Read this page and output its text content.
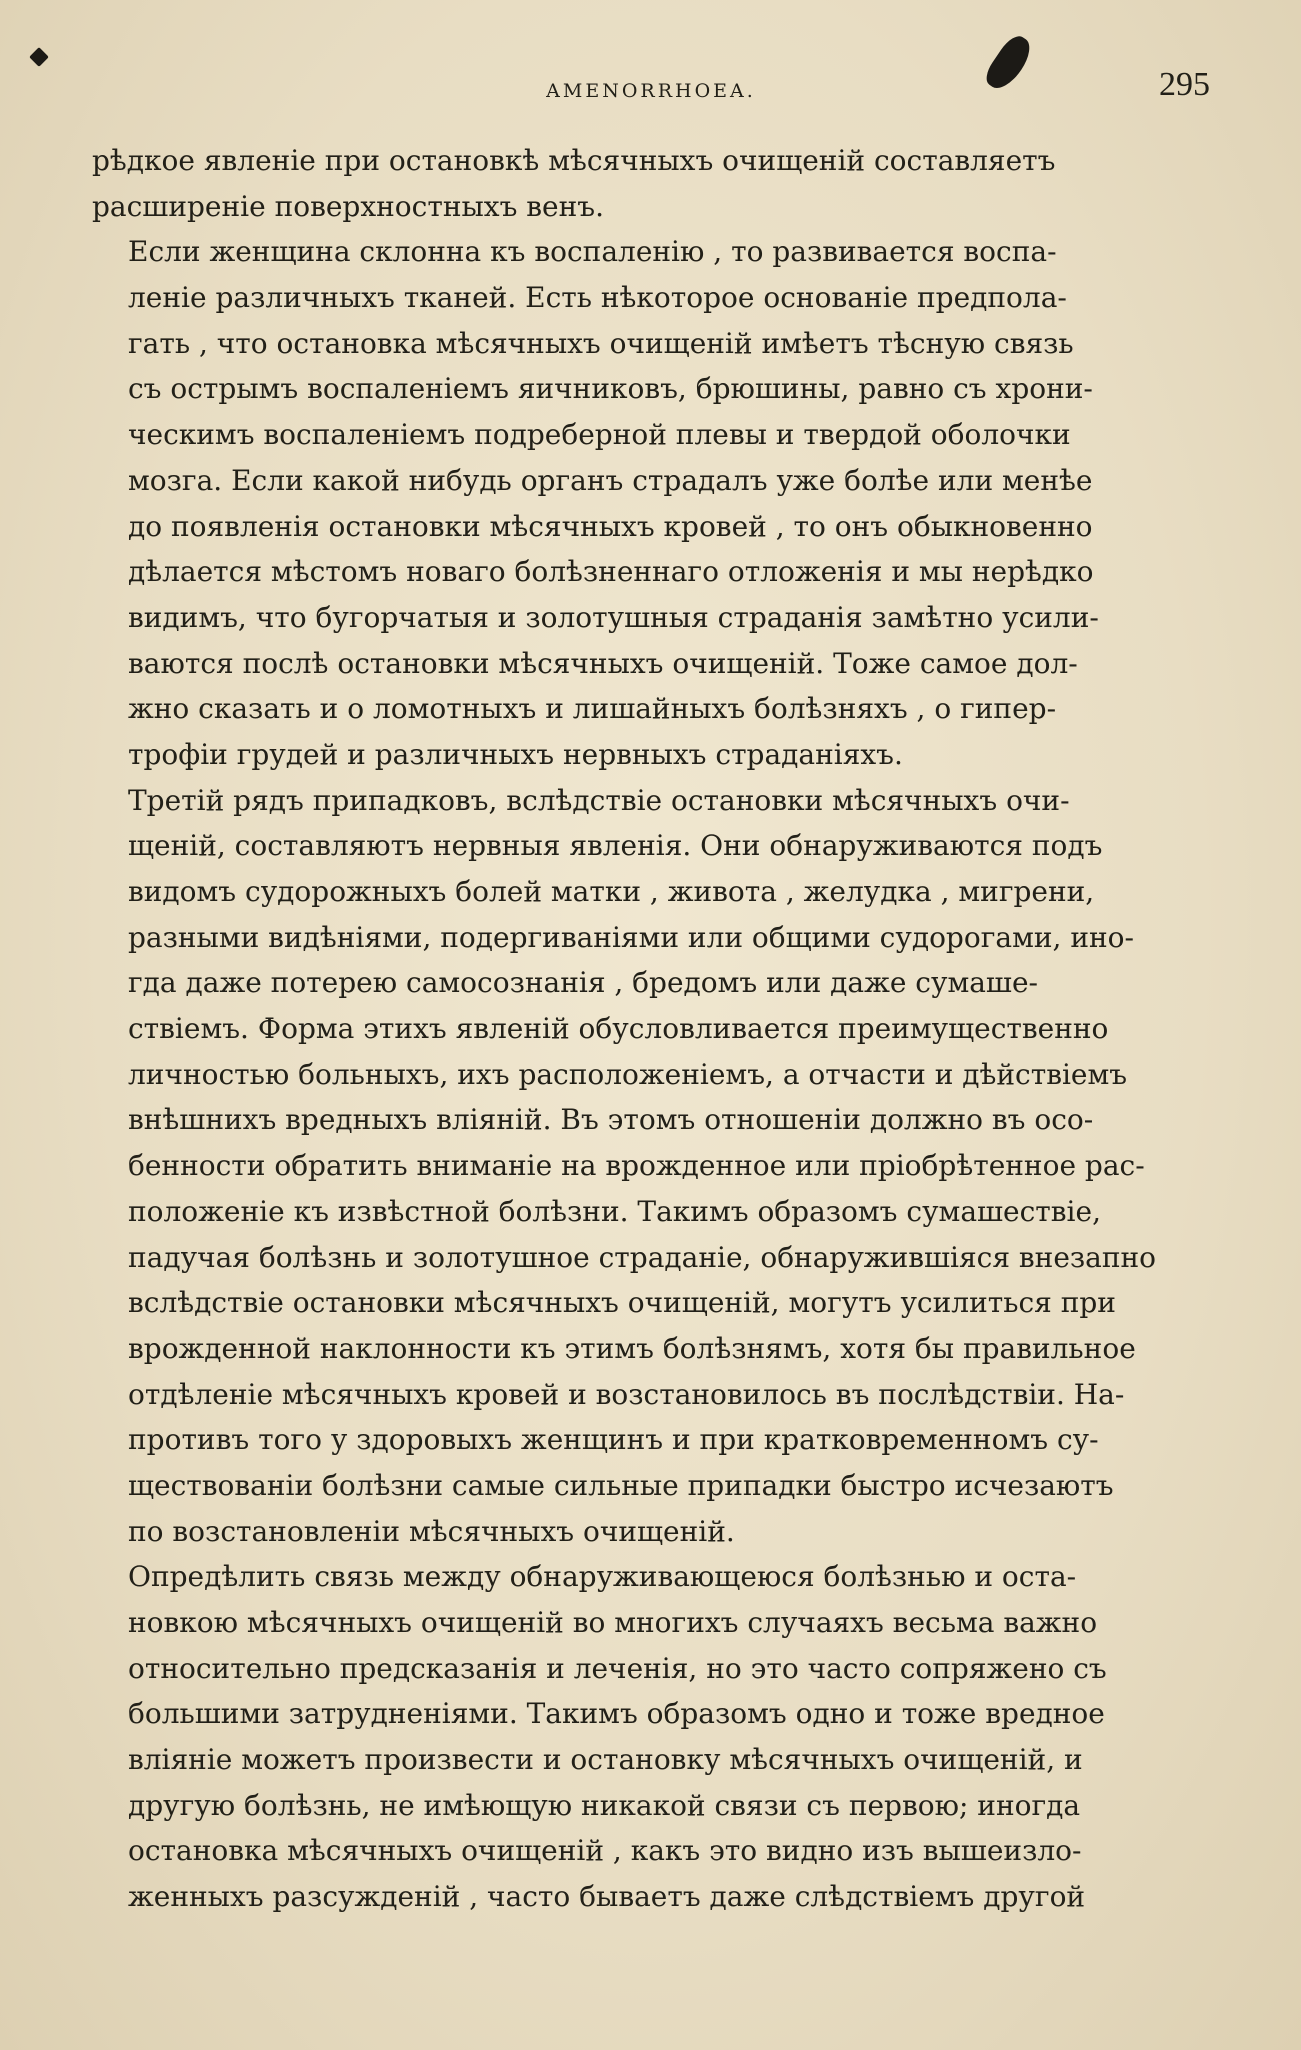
AMENORRHOEA.	295

рѣдкое явленіе при остановкѣ мѣсячныхъ очищеній составляетъ
расширеніе поверхностныхъ венъ.

Если женщина склонна къ воспаленію , то развивается воспа-
леніе различныхъ тканей. Есть нѣкоторое основаніе предпола-
гать , что остановка мѣсячныхъ очищеній имѣетъ тѣсную связь
съ острымъ воспаленіемъ яичниковъ, брюшины, равно съ хрони-
ческимъ воспаленіемъ подреберной плевы и твердой оболочки
мозга. Если какой нибудь органъ страдалъ уже болѣе или менѣе
до появленія остановки мѣсячныхъ кровей , то онъ обыкновенно
дѣлается мѣстомъ новаго болѣзненнаго отложенія и мы нерѣдко
видимъ, что бугорчатыя и золотушныя страданія замѣтно усили-
ваются послѣ остановки мѣсячныхъ очищеній. Тоже самое дол-
жно сказать и о ломотныхъ и лишайныхъ болѣзняхъ , о гипер-
трофіи грудей и различныхъ нервныхъ страданіяхъ.

Третій рядъ припадковъ, вслѣдствіе остановки мѣсячныхъ очи-
щеній, составляютъ нервныя явленія. Они обнаруживаются подъ
видомъ судорожныхъ болей матки , живота , желудка , мигрени,
разными видѣніями, подергиваніями или общими судорогами, ино-
гда даже потерею самосознанія , бредомъ или даже сумаше-
ствіемъ. Форма этихъ явленій обусловливается преимущественно
личностью больныхъ, ихъ расположеніемъ, а отчасти и дѣйствіемъ
внѣшнихъ вредныхъ вліяній. Въ этомъ отношеніи должно въ осо-
бенности обратить вниманіе на врожденное или пріобрѣтенное рас-
положеніе къ извѣстной болѣзни. Такимъ образомъ сумашествіе,
падучая болѣзнь и золотушное страданіе, обнаружившіяся внезапно
вслѣдствіе остановки мѣсячныхъ очищеній, могутъ усилиться при
врожденной наклонности къ этимъ болѣзнямъ, хотя бы правильное
отдѣленіе мѣсячныхъ кровей и возстановилось въ послѣдствіи. На-
противъ того у здоровыхъ женщинъ и при кратковременномъ су-
ществованіи болѣзни самые сильные припадки быстро исчезаютъ
по возстановленіи мѣсячныхъ очищеній.

Опредѣлить связь между обнаруживающеюся болѣзнью и оста-
новкою мѣсячныхъ очищеній во многихъ случаяхъ весьма важно
относительно предсказанія и леченія, но это часто сопряжено съ
большими затрудненіями. Такимъ образомъ одно и тоже вредное
вліяніе можетъ произвести и остановку мѣсячныхъ очищеній, и
другую болѣзнь, не имѣющую никакой связи съ первою; иногда
остановка мѣсячныхъ очищеній , какъ это видно изъ вышеизло-
женныхъ разсужденій , часто бываетъ даже слѣдствіемъ другой
